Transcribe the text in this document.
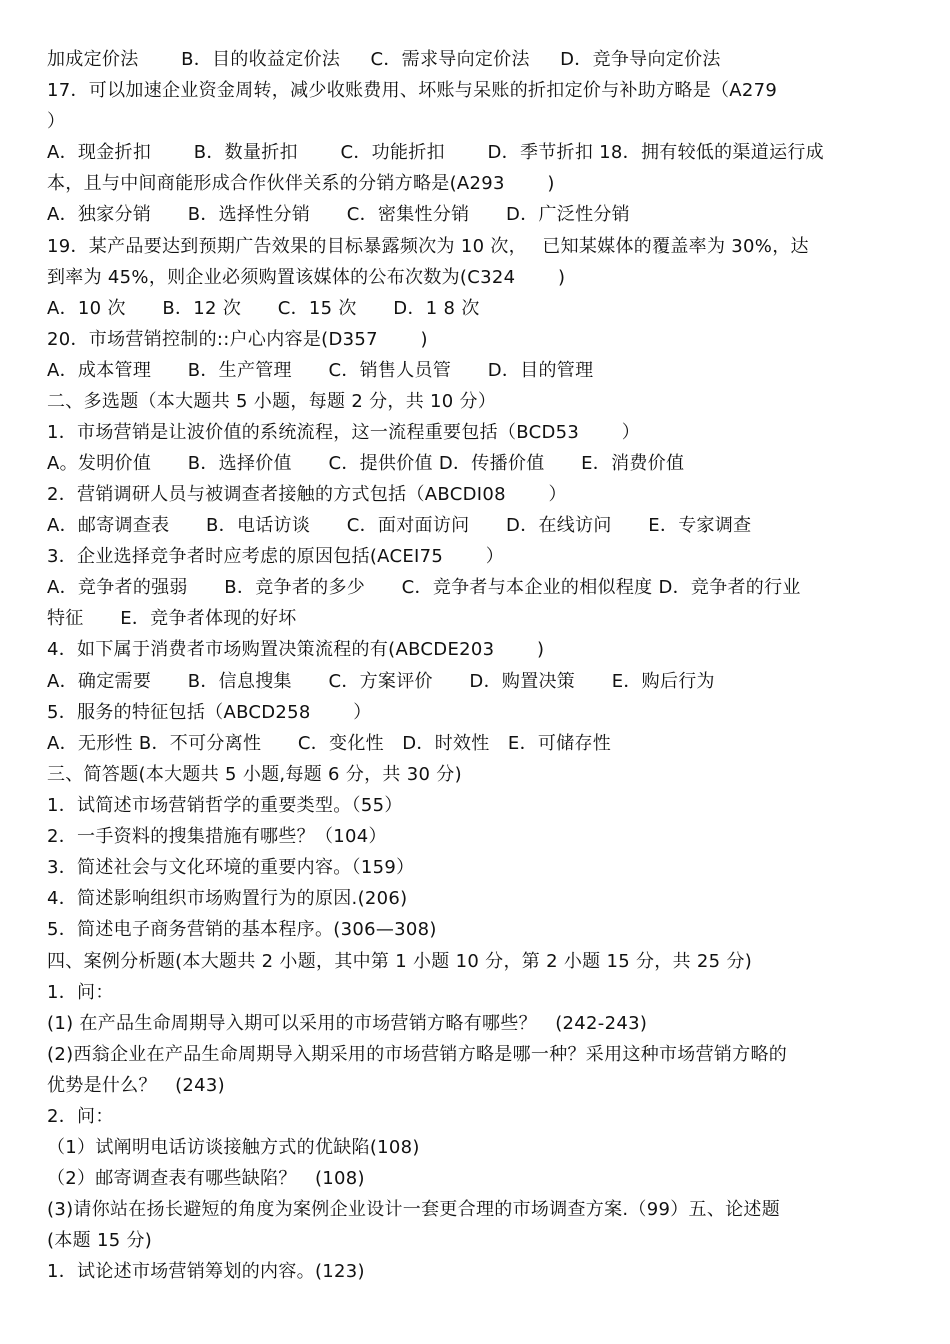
加成定价法　　 B．目的收益定价法 　 C．需求导向定价法 　 D．竞争导向定价法
17．可以加速企业资金周转，减少收账费用、坏账与呆账的折扣定价与补助方略是（A279
）
A．现金折扣　　 B．数量折扣　　 C．功能折扣　　 D．季节折扣 18．拥有较低的渠道运行成
本，且与中间商能形成合作伙伴关系的分销方略是(A293　　 )
A．独家分销　　B．选择性分销　　C．密集性分销　　D．广泛性分销
19．某产品要达到预期广告效果的目标暴露频次为 10 次，　 已知某媒体的覆盖率为 30%，达
到率为 45%，则企业必须购置该媒体的公布次数为(C324　　 )
A．10 次　　B．12 次　　C．15 次　　D．1 8 次
20．市场营销控制的::户心内容是(D357　　 )
A．成本管理　　B．生产管理　　C．销售人员管　　D．目的管理
二、多选题（本大题共 5 小题，每题 2 分，共 10 分）
1．市场营销是让波价值的系统流程，这一流程重要包括（BCD53　　 ）
A。发明价值　　B．选择价值　　C．提供价值 D．传播价值　　E．消费价值
2．营销调研人员与被调查者接触的方式包括（ABCDI08　　 ）
A．邮寄调查表　　B．电话访谈　　C．面对面访问　　D．在线访问　　E．专家调查
3．企业选择竞争者时应考虑的原因包括(ACEI75　　 ）
A．竞争者的强弱　　B．竞争者的多少　　C．竞争者与本企业的相似程度 D．竞争者的行业
特征　　E．竞争者体现的好坏
4．如下属于消费者市场购置决策流程的有(ABCDE203　　 )
A．确定需要　　B．信息搜集　　C．方案评价　　D．购置决策　　E．购后行为
5．服务的特征包括（ABCD258　　 ）
A．无形性 B．不可分离性　　C．变化性　D．时效性　E．可储存性
三、简答题(本大题共 5 小题,每题 6 分，共 30 分)
1．试简述市场营销哲学的重要类型。（55）
2．一手资料的搜集措施有哪些？（104）
3．简述社会与文化环境的重要内容。（159）
4．简述影响组织市场购置行为的原因.(206)
5．简述电子商务营销的基本程序。(306—308)
四、案例分析题(本大题共 2 小题，其中第 1 小题 10 分，第 2 小题 15 分，共 25 分)
1．问：
(1) 在产品生命周期导入期可以采用的市场营销方略有哪些？　(242-243)
(2)西翁企业在产品生命周期导入期采用的市场营销方略是哪一种？采用这种市场营销方略的
优势是什么？　(243)
2．问：
（1）试阐明电话访谈接触方式的优缺陷(108)
（2）邮寄调查表有哪些缺陷？　(108)
(3)请你站在扬长避短的角度为案例企业设计一套更合理的市场调查方案.（99）五、论述题
(本题 15 分)
1．试论述市场营销筹划的内容。(123)
